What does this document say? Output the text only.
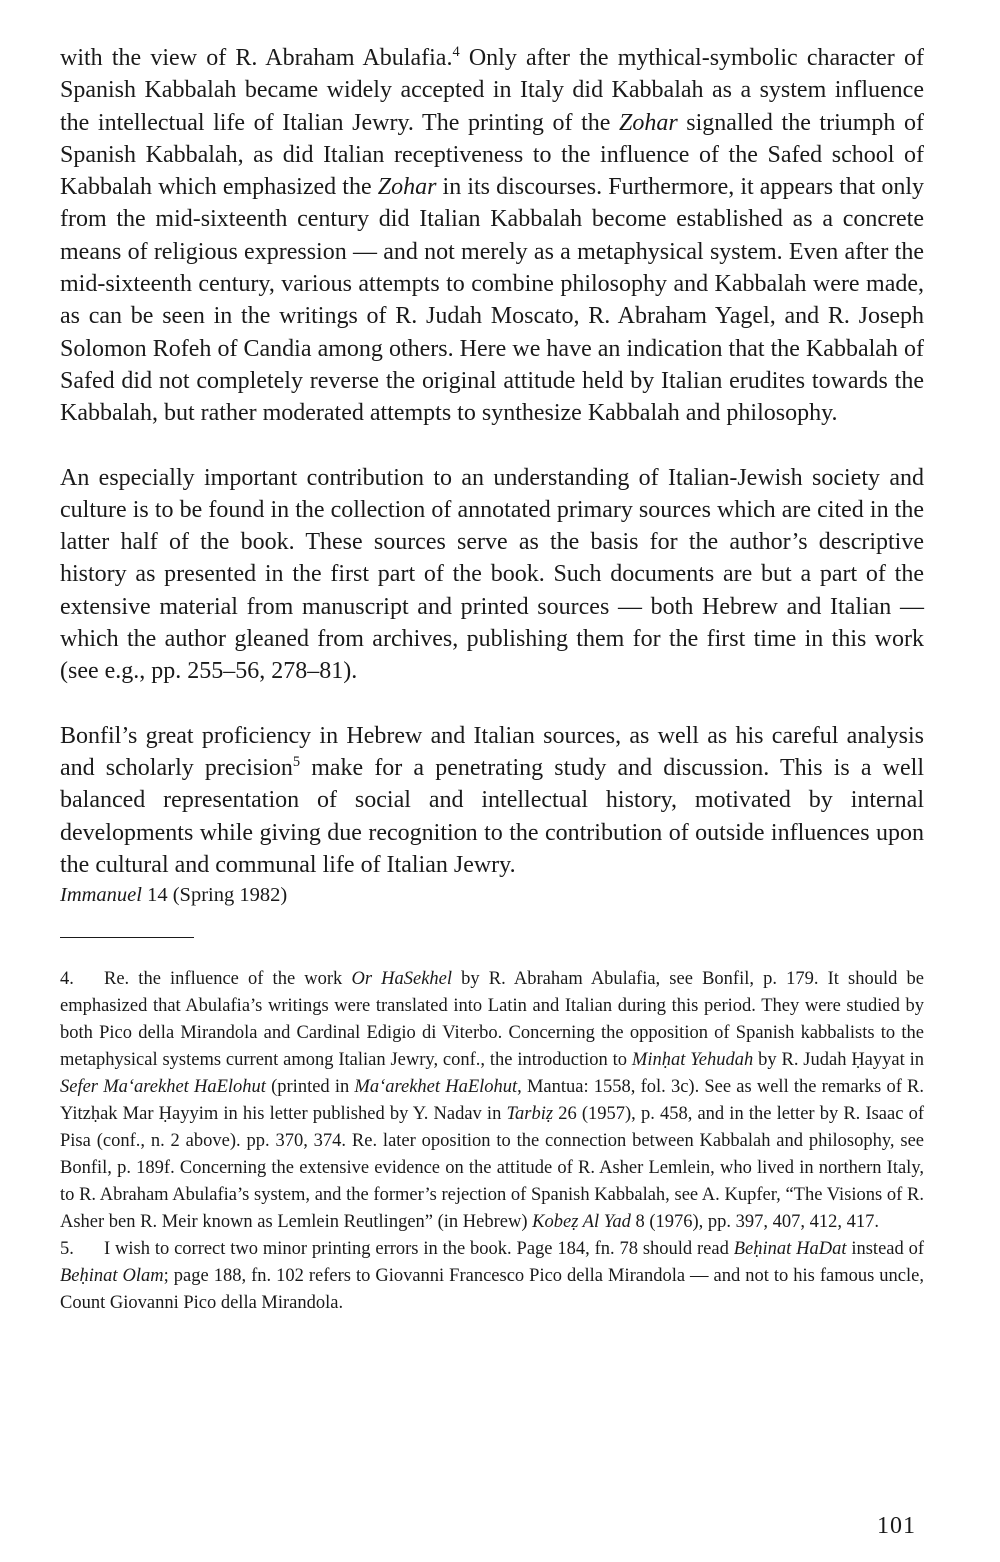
with the view of R. Abraham Abulafia.$^4$ Only after the mythical-symbolic character of Spanish Kabbalah became widely accepted in Italy did Kabbalah as a system influence the intellectual life of Italian Jewry. The printing of the Zohar signalled the triumph of Spanish Kabbalah, as did Italian receptiveness to the influence of the Safed school of Kabbalah which emphasized the Zohar in its discourses. Furthermore, it appears that only from the mid-sixteenth century did Italian Kabbalah become established as a concrete means of religious expression — and not merely as a metaphysical system. Even after the mid-sixteenth century, various attempts to combine philosophy and Kabbalah were made, as can be seen in the writings of R. Judah Moscato, R. Abraham Yagel, and R. Joseph Solomon Rofeh of Candia among others. Here we have an indication that the Kabbalah of Safed did not completely reverse the original attitude held by Italian erudites towards the Kabbalah, but rather moderated attempts to synthesize Kabbalah and philosophy.

An especially important contribution to an understanding of Italian-Jewish society and culture is to be found in the collection of annotated primary sources which are cited in the latter half of the book. These sources serve as the basis for the author’s descriptive history as presented in the first part of the book. Such documents are but a part of the extensive material from manuscript and printed sources — both Hebrew and Italian — which the author gleaned from archives, publishing them for the first time in this work (see e.g., pp. 255–56, 278–81).

Bonfil’s great proficiency in Hebrew and Italian sources, as well as his careful analysis and scholarly precision$^5$ make for a penetrating study and discussion. This is a well balanced representation of social and intellectual history, motivated by internal developments while giving due recognition to the contribution of outside influences upon the cultural and communal life of Italian Jewry.

Immanuel 14 (Spring 1982)

4. Re. the influence of the work Or HaSekhel by R. Abraham Abulafia, see Bonfil, p. 179. It should be emphasized that Abulafia’s writings were translated into Latin and Italian during this period. They were studied by both Pico della Mirandola and Cardinal Edigio di Viterbo. Concerning the opposition of Spanish kabbalists to the metaphysical systems current among Italian Jewry, conf., the introduction to Minḥat Yehudah by R. Judah Ḥayyat in Sefer Ma‘arekhet HaElohut (printed in Ma‘arekhet HaElohut, Mantua: 1558, fol. 3c). See as well the remarks of R. Yitzḥak Mar Ḥayyim in his letter published by Y. Nadav in Tarbiẓ 26 (1957), p. 458, and in the letter by R. Isaac of Pisa (conf., n. 2 above). pp. 370, 374. Re. later oposition to the connection between Kabbalah and philosophy, see Bonfil, p. 189f. Concerning the extensive evidence on the attitude of R. Asher Lemlein, who lived in northern Italy, to R. Abraham Abulafia’s system, and the former’s rejection of Spanish Kabbalah, see A. Kupfer, “The Visions of R. Asher ben R. Meir known as Lemlein Reutlingen” (in Hebrew) Kobeẓ Al Yad 8 (1976), pp. 397, 407, 412, 417.

5. I wish to correct two minor printing errors in the book. Page 184, fn. 78 should read Beḥinat HaDat instead of Beḥinat Olam; page 188, fn. 102 refers to Giovanni Francesco Pico della Mirandola — and not to his famous uncle, Count Giovanni Pico della Mirandola.

101
